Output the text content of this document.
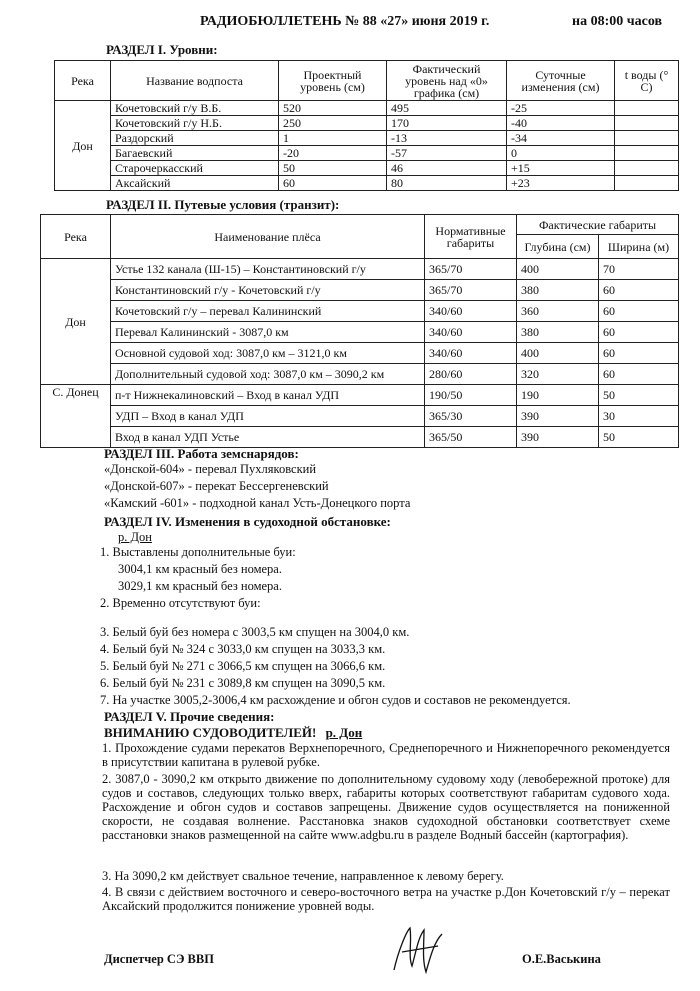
РАДИОБЮЛЛЕТЕНЬ № 88 «27» июня 2019 г.	на 08:00 часов
РАЗДЕЛ I. Уровни:
Река	Название водпоста	Проектный уровень (см)	Фактический уровень над «0» графика (см)	Суточные изменения (см)	t воды (° С)
Дон	Кочетовский г/у В.Б.	520	495	-25	
	Кочетовский г/у Н.Б.	250	170	-40	
	Раздорский	1	-13	-34	
	Багаевский	-20	-57	0	
	Старочеркасский	50	46	+15	
	Аксайский	60	80	+23	
РАЗДЕЛ II. Путевые условия (транзит):
Река	Наименование плёса	Нормативные габариты	Фактические габариты	
			Глубина (см)	Ширина (м)
Дон	Устье 132 канала (Ш-15) – Константиновский г/у	365/70	400	70
	Константиновский г/у - Кочетовский г/у	365/70	380	60
	Кочетовский г/у – перевал Калининский	340/60	360	60
	Перевал Калининский - 3087,0 км	340/60	380	60
	Основной судовой ход: 3087,0 км – 3121,0 км	340/60	400	60
	Дополнительный судовой ход: 3087,0 км – 3090,2 км	280/60	320	60
С. Донец	п-т Нижнекалиновский – Вход в канал УДП	190/50	190	50
	УДП – Вход в канал УДП	365/30	390	30
	Вход в канал УДП Устье	365/50	390	50
РАЗДЕЛ III. Работа земснарядов:
«Донской-604» - перевал Пухляковский
«Донской-607» - перекат Бессергеневский
«Камский -601» - подходной канал Усть-Донецкого порта
РАЗДЕЛ IV. Изменения в судоходной обстановке:
р. Дон
1. Выставлены дополнительные буи:
3004,1 км красный без номера.
3029,1 км красный без номера.
2. Временно отсутствуют буи:
3. Белый буй без номера с 3003,5 км спущен на 3004,0 км.
4. Белый буй № 324 с 3033,0 км спущен на 3033,3 км.
5. Белый буй № 271 с 3066,5 км спущен на 3066,6 км.
6. Белый буй № 231 с 3089,8 км спущен на 3090,5 км.
7. На участке 3005,2-3006,4 км расхождение и обгон судов и составов не рекомендуется.
РАЗДЕЛ V. Прочие сведения:
ВНИМАНИЮ СУДОВОДИТЕЛЕЙ! р. Дон
1. Прохождение судами перекатов Верхнепоречного, Среднепоречного и Нижнепоречного рекомендуется в присутствии капитана в рулевой рубке.
2. 3087,0 - 3090,2 км открыто движение по дополнительному судовому ходу (левобережной протоке) для судов и составов, следующих только вверх, габариты которых соответствуют габаритам судового хода. Расхождение и обгон судов и составов запрещены. Движение судов осуществляется на пониженной скорости, не создавая волнение. Расстановка знаков судоходной обстановки соответствует схеме расстановки знаков размещенной на сайте www.adgbu.ru в разделе Водный бассейн (картография).
3. На 3090,2 км действует свальное течение, направленное к левому берегу.
4. В связи с действием восточного и северо-восточного ветра на участке р.Дон Кочетовский г/у – перекат Аксайский продолжится понижение уровней воды.
Диспетчер СЭ ВВП	О.Е.Васькина
